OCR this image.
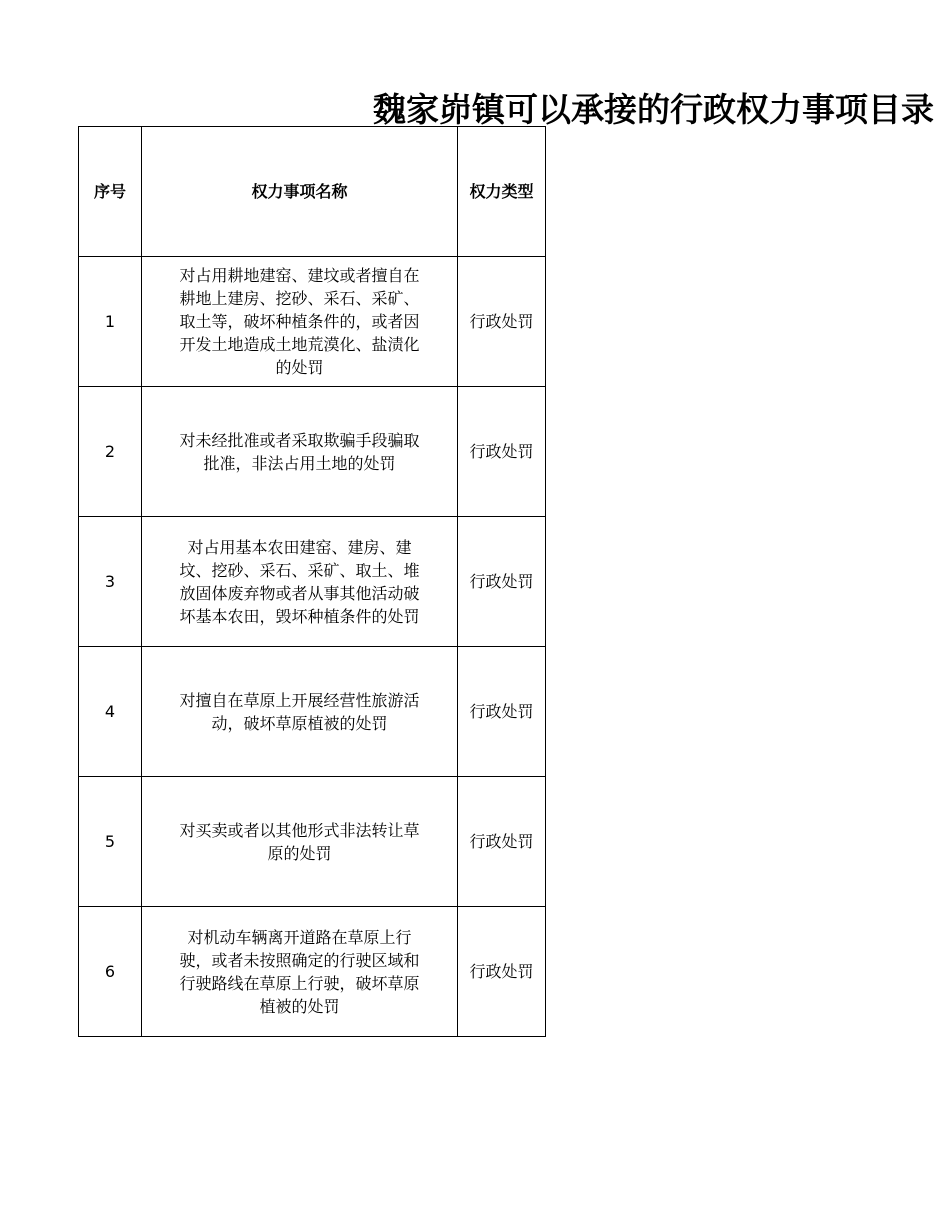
魏家峁镇可以承接的行政权力事项目录
序号	权力事项名称	权力类型
1	对占用耕地建窑、建坟或者擅自在耕地上建房、挖砂、采石、采矿、取土等，破坏种植条件的，或者因开发土地造成土地荒漠化、盐渍化的处罚	行政处罚
2	对未经批准或者采取欺骗手段骗取批准，非法占用土地的处罚	行政处罚
3	对占用基本农田建窑、建房、建坟、挖砂、采石、采矿、取土、堆放固体废弃物或者从事其他活动破坏基本农田，毁坏种植条件的处罚	行政处罚
4	对擅自在草原上开展经营性旅游活动，破坏草原植被的处罚	行政处罚
5	对买卖或者以其他形式非法转让草原的处罚	行政处罚
6	对机动车辆离开道路在草原上行驶，或者未按照确定的行驶区域和行驶路线在草原上行驶，破坏草原植被的处罚	行政处罚
